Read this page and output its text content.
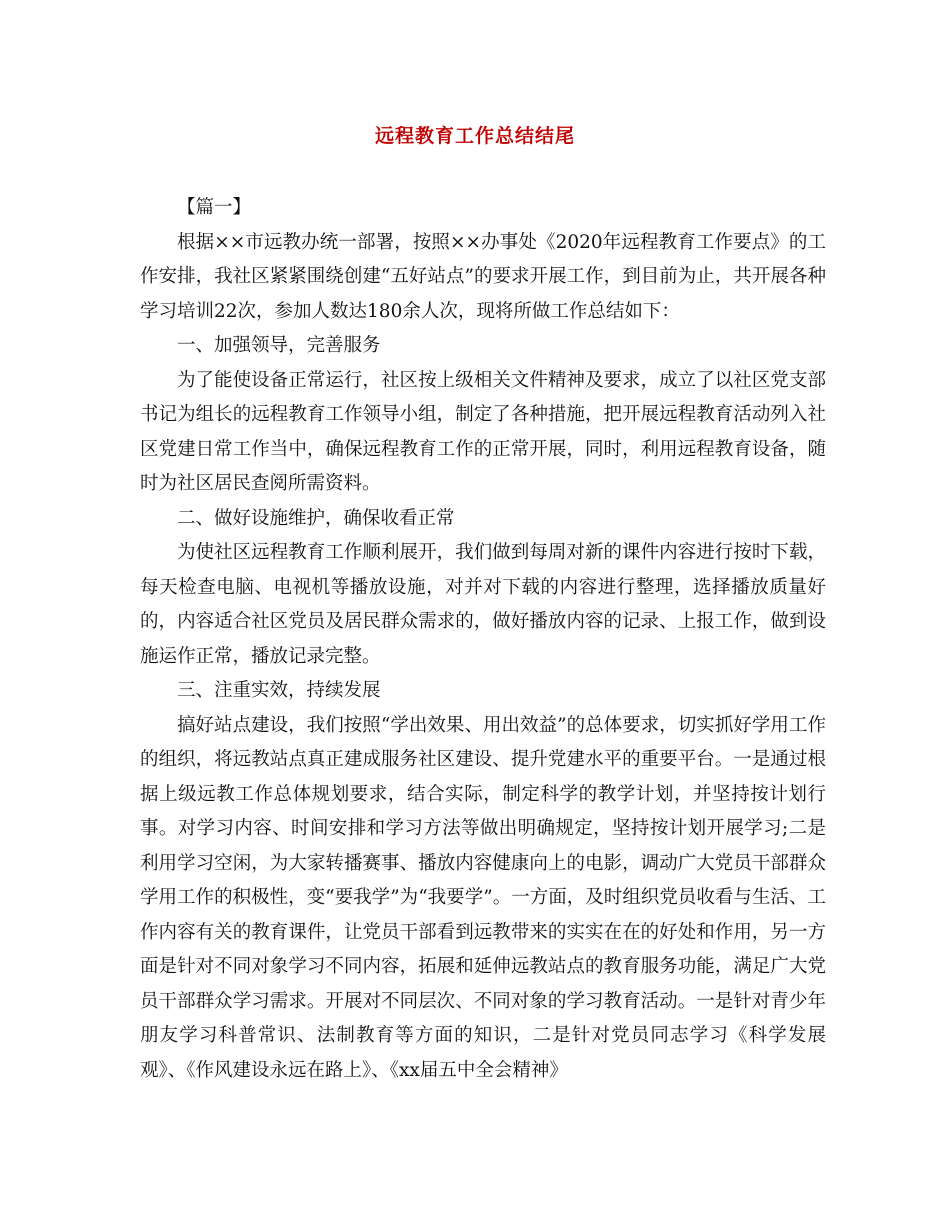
远程教育工作总结结尾

【篇一】

根据××市远教办统一部署，按照××办事处《2020年远程教育工作要点》的工作安排，我社区紧紧围绕创建“五好站点”的要求开展工作，到目前为止，共开展各种学习培训22次，参加人数达180余人次，现将所做工作总结如下：

一、加强领导，完善服务

为了能使设备正常运行，社区按上级相关文件精神及要求，成立了以社区党支部书记为组长的远程教育工作领导小组，制定了各种措施，把开展远程教育活动列入社区党建日常工作当中，确保远程教育工作的正常开展，同时，利用远程教育设备，随时为社区居民查阅所需资料。

二、做好设施维护，确保收看正常

为使社区远程教育工作顺利展开，我们做到每周对新的课件内容进行按时下载，每天检查电脑、电视机等播放设施，对并对下载的内容进行整理，选择播放质量好的，内容适合社区党员及居民群众需求的，做好播放内容的记录、上报工作，做到设施运作正常，播放记录完整。

三、注重实效，持续发展

搞好站点建设，我们按照“学出效果、用出效益”的总体要求，切实抓好学用工作的组织，将远教站点真正建成服务社区建设、提升党建水平的重要平台。一是通过根据上级远教工作总体规划要求，结合实际，制定科学的教学计划，并坚持按计划行事。对学习内容、时间安排和学习方法等做出明确规定，坚持按计划开展学习;二是利用学习空闲，为大家转播赛事、播放内容健康向上的电影，调动广大党员干部群众学用工作的积极性，变“要我学”为“我要学”。一方面，及时组织党员收看与生活、工作内容有关的教育课件，让党员干部看到远教带来的实实在在的好处和作用，另一方面是针对不同对象学习不同内容，拓展和延伸远教站点的教育服务功能，满足广大党员干部群众学习需求。开展对不同层次、不同对象的学习教育活动。一是针对青少年朋友学习科普常识、法制教育等方面的知识，二是针对党员同志学习《科学发展观》、《作风建设永远在路上》、《xx届五中全会精神》
